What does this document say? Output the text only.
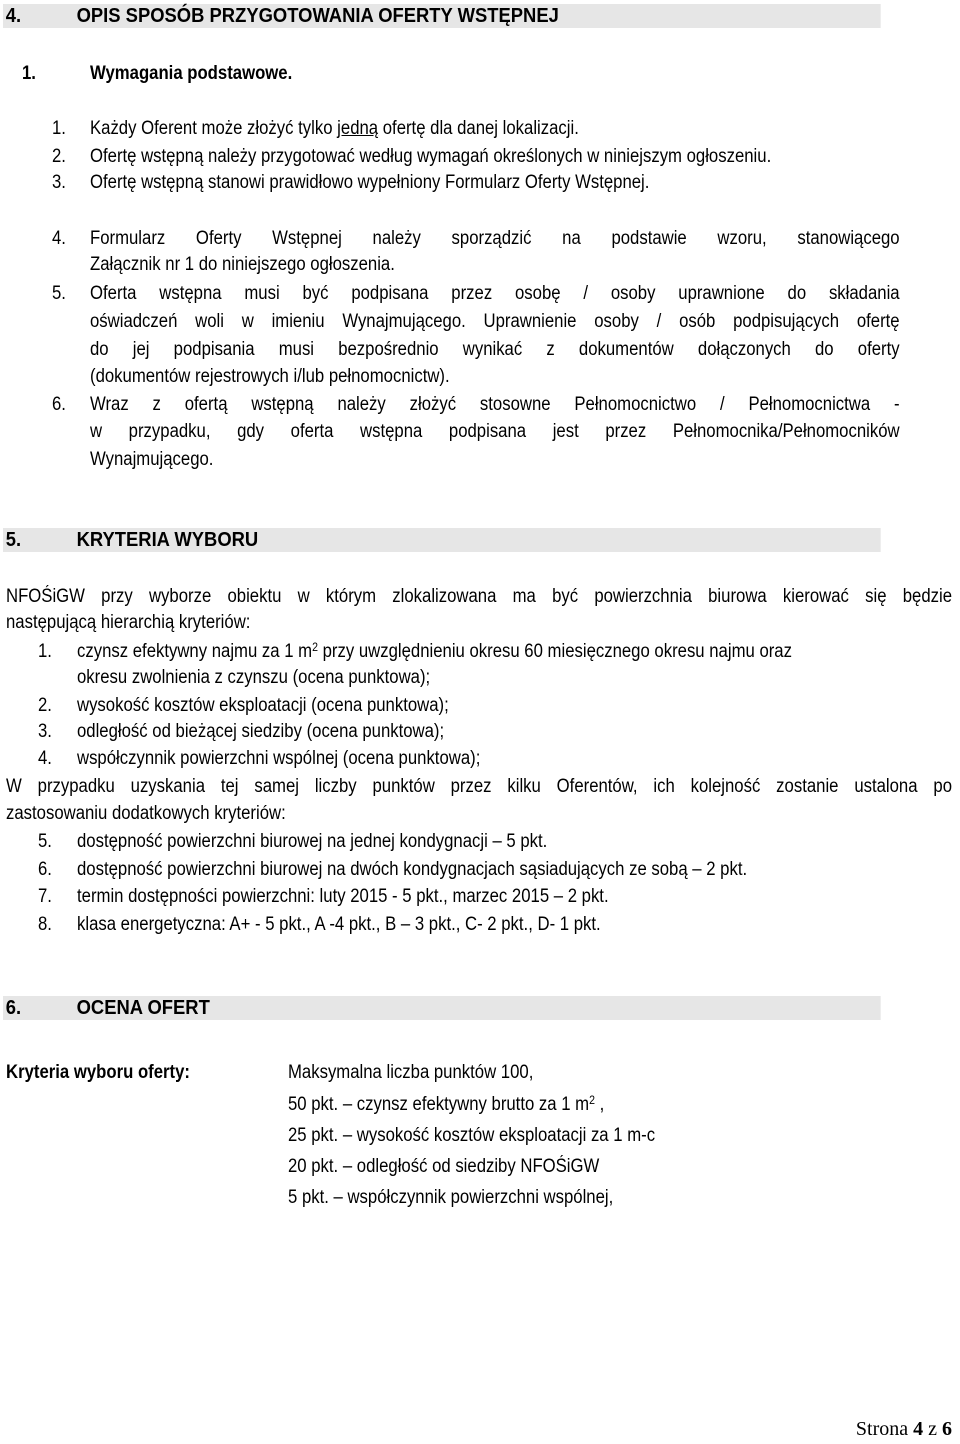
4.	OPIS SPOSÓB PRZYGOTOWANIA OFERTY WSTĘPNEJ
1.	Wymagania podstawowe.
1. Każdy Oferent może złożyć tylko jedną ofertę dla danej lokalizacji.
2. Ofertę wstępną należy przygotować według wymagań określonych w niniejszym ogłoszeniu.
3. Ofertę wstępną stanowi prawidłowo wypełniony Formularz Oferty Wstępnej.
4. Formularz Oferty Wstępnej należy sporządzić na podstawie wzoru, stanowiącego
Załącznik nr 1 do niniejszego ogłoszenia.
5. Oferta wstępna musi być podpisana przez osobę / osoby uprawnione do składania
oświadczeń woli w imieniu Wynajmującego. Uprawnienie osoby / osób podpisujących ofertę
do jej podpisania musi bezpośrednio wynikać z dokumentów dołączonych do oferty
(dokumentów rejestrowych i/lub pełnomocnictw).
6. Wraz z ofertą wstępną należy złożyć stosowne Pełnomocnictwo / Pełnomocnictwa -
w przypadku, gdy oferta wstępna podpisana jest przez Pełnomocnika/Pełnomocników
Wynajmującego.
5.	KRYTERIA WYBORU
NFOŚiGW przy wyborze obiektu w którym zlokalizowana ma być powierzchnia biurowa kierować się będzie
następującą hierarchią kryteriów:
1. czynsz efektywny najmu za 1 $m^2$ przy uwzględnieniu okresu 60 miesięcznego okresu najmu oraz
okresu zwolnienia z czynszu (ocena punktowa);
2. wysokość kosztów eksploatacji (ocena punktowa);
3. odległość od bieżącej siedziby (ocena punktowa);
4. współczynnik powierzchni wspólnej (ocena punktowa);
W przypadku uzyskania tej samej liczby punktów przez kilku Oferentów, ich kolejność zostanie ustalona po
zastosowaniu dodatkowych kryteriów:
5. dostępność powierzchni biurowej na jednej kondygnacji – 5 pkt.
6. dostępność powierzchni biurowej na dwóch kondygnacjach sąsiadujących ze sobą – 2 pkt.
7. termin dostępności powierzchni: luty 2015 - 5 pkt., marzec 2015 – 2 pkt.
8. klasa energetyczna: A+ - 5 pkt., A -4 pkt., B – 3 pkt., C- 2 pkt., D- 1 pkt.
6.	OCENA OFERT
Kryteria wyboru oferty:	Maksymalna liczba punktów 100,
50 pkt. – czynsz efektywny brutto za 1 $m^2$ ,
25 pkt. – wysokość kosztów eksploatacji za 1 m-c
20 pkt. – odległość od siedziby NFOŚiGW
5 pkt. – współczynnik powierzchni wspólnej,
Strona 4 z 6
